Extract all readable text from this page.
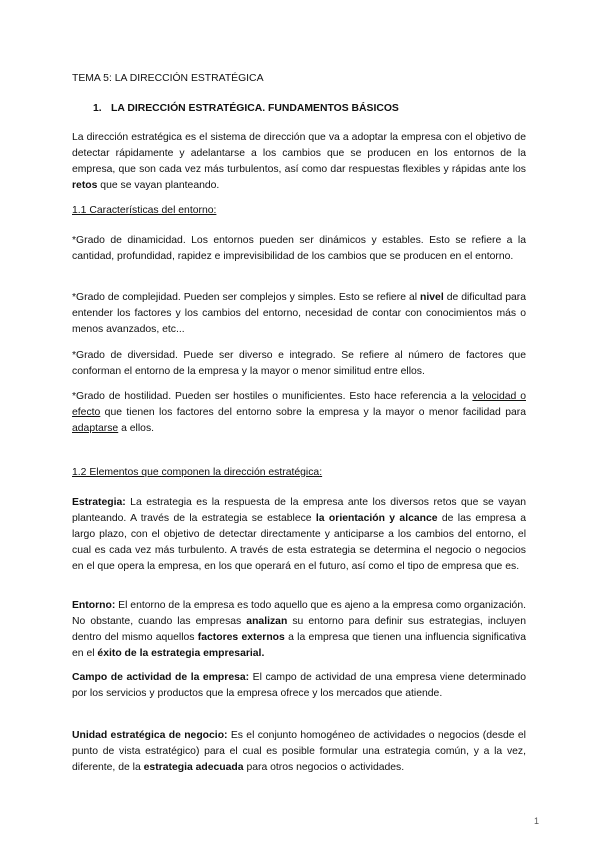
TEMA 5: LA DIRECCIÓN ESTRATÉGICA

1. LA DIRECCIÓN ESTRATÉGICA. FUNDAMENTOS BÁSICOS

La dirección estratégica es el sistema de dirección que va a adoptar la empresa con el objetivo de detectar rápidamente y adelantarse a los cambios que se producen en los entornos de la empresa, que son cada vez más turbulentos, así como dar respuestas flexibles y rápidas ante los retos que se vayan planteando.

1.1 Características del entorno:

*Grado de dinamicidad. Los entornos pueden ser dinámicos y estables. Esto se refiere a la cantidad, profundidad, rapidez e imprevisibilidad de los cambios que se producen en el entorno.

*Grado de complejidad. Pueden ser complejos y simples. Esto se refiere al nivel de dificultad para entender los factores y los cambios del entorno, necesidad de contar con conocimientos más o menos avanzados, etc...

*Grado de diversidad. Puede ser diverso e integrado. Se refiere al número de factores que conforman el entorno de la empresa y la mayor o menor similitud entre ellos.

*Grado de hostilidad. Pueden ser hostiles o munificientes. Esto hace referencia a la velocidad o efecto que tienen los factores del entorno sobre la empresa y la mayor o menor facilidad para adaptarse a ellos.

1.2 Elementos que componen la dirección estratégica:

Estrategia: La estrategia es la respuesta de la empresa ante los diversos retos que se vayan planteando. A través de la estrategia se establece la orientación y alcance de las empresa a largo plazo, con el objetivo de detectar directamente y anticiparse a los cambios del entorno, el cual es cada vez más turbulento. A través de esta estrategia se determina el negocio o negocios en el que opera la empresa, en los que operará en el futuro, así como el tipo de empresa que es.

Entorno: El entorno de la empresa es todo aquello que es ajeno a la empresa como organización. No obstante, cuando las empresas analizan su entorno para definir sus estrategias, incluyen dentro del mismo aquellos factores externos a la empresa que tienen una influencia significativa en el éxito de la estrategia empresarial.

Campo de actividad de la empresa: El campo de actividad de una empresa viene determinado por los servicios y productos que la empresa ofrece y los mercados que atiende.

Unidad estratégica de negocio: Es el conjunto homogéneo de actividades o negocios (desde el punto de vista estratégico) para el cual es posible formular una estrategia común, y a la vez, diferente, de la estrategia adecuada para otros negocios o actividades.

1
